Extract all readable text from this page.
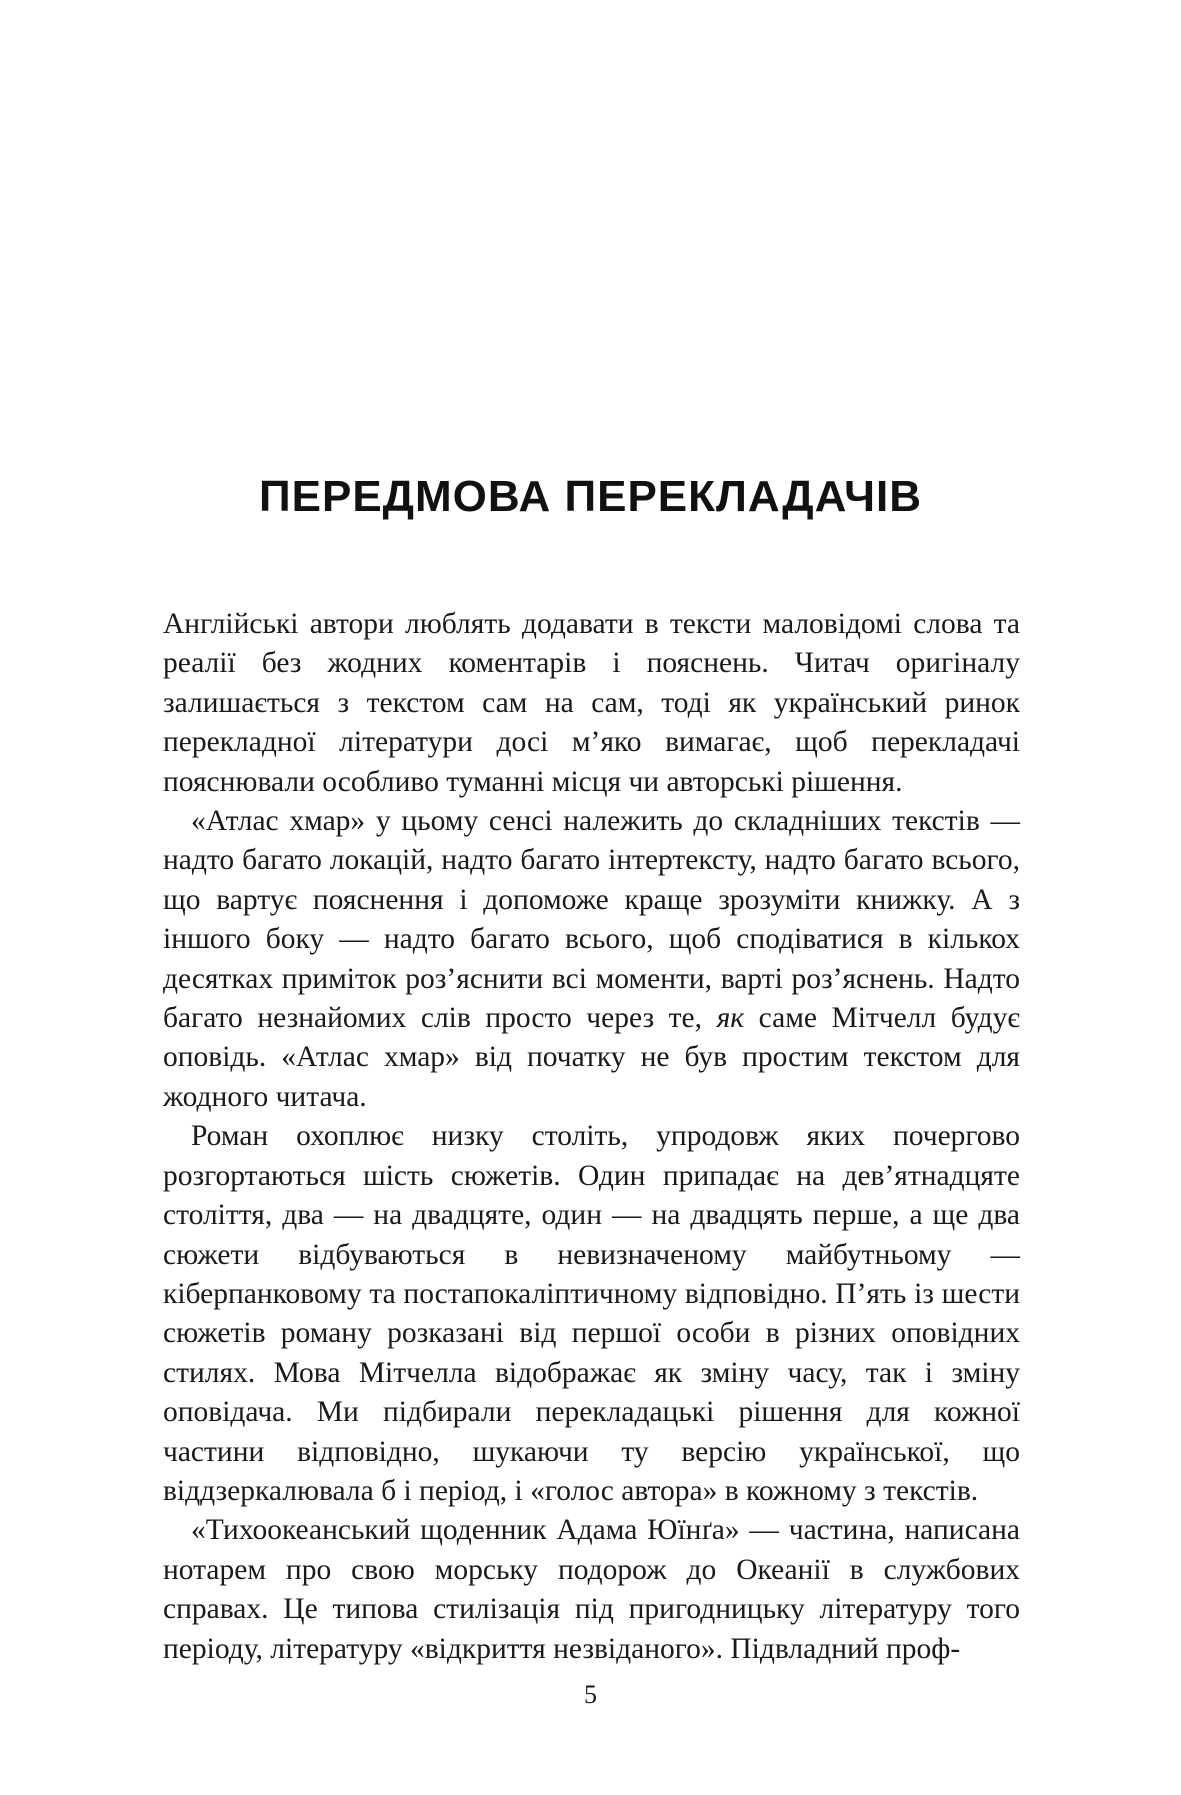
ПЕРЕДМОВА ПЕРЕКЛАДАЧІВ

Англійські автори люблять додавати в тексти маловідомі слова та реалії без жодних коментарів і пояснень. Читач оригіналу залишається з текстом сам на сам, тоді як український ринок перекладної літератури досі м’яко вимагає, щоб перекладачі пояснювали особливо туманні місця чи авторські рішення.

«Атлас хмар» у цьому сенсі належить до складніших текстів — надто багато локацій, надто багато інтертексту, надто багато всього, що вартує пояснення і допоможе краще зрозуміти книжку. А з іншого боку — надто багато всього, щоб сподіватися в кількох десятках приміток роз’яснити всі моменти, варті роз’яснень. Надто багато незнайомих слів просто через те, як саме Мітчелл будує оповідь. «Атлас хмар» від початку не був простим текстом для жодного читача.

Роман охоплює низку століть, упродовж яких почергово розгортаються шість сюжетів. Один припадає на дев’ятнадцяте століття, два — на двадцяте, один — на двадцять перше, а ще два сюжети відбуваються в невизначеному майбутньому — кіберпанковому та постапокаліптичному відповідно. П’ять із шести сюжетів роману розказані від першої особи в різних оповідних стилях. Мова Мітчелла відображає як зміну часу, так і зміну оповідача. Ми підбирали перекладацькі рішення для кожної частини відповідно, шукаючи ту версію української, що віддзеркалювала б і період, і «голос автора» в кожному з текстів.

«Тихоокеанський щоденник Адама Юїнґа» — частина, написана нотарем про свою морську подорож до Океанії в службових справах. Це типова стилізація під пригодницьку літературу того періоду, літературу «відкриття незвіданого». Підвладний проф-

5
